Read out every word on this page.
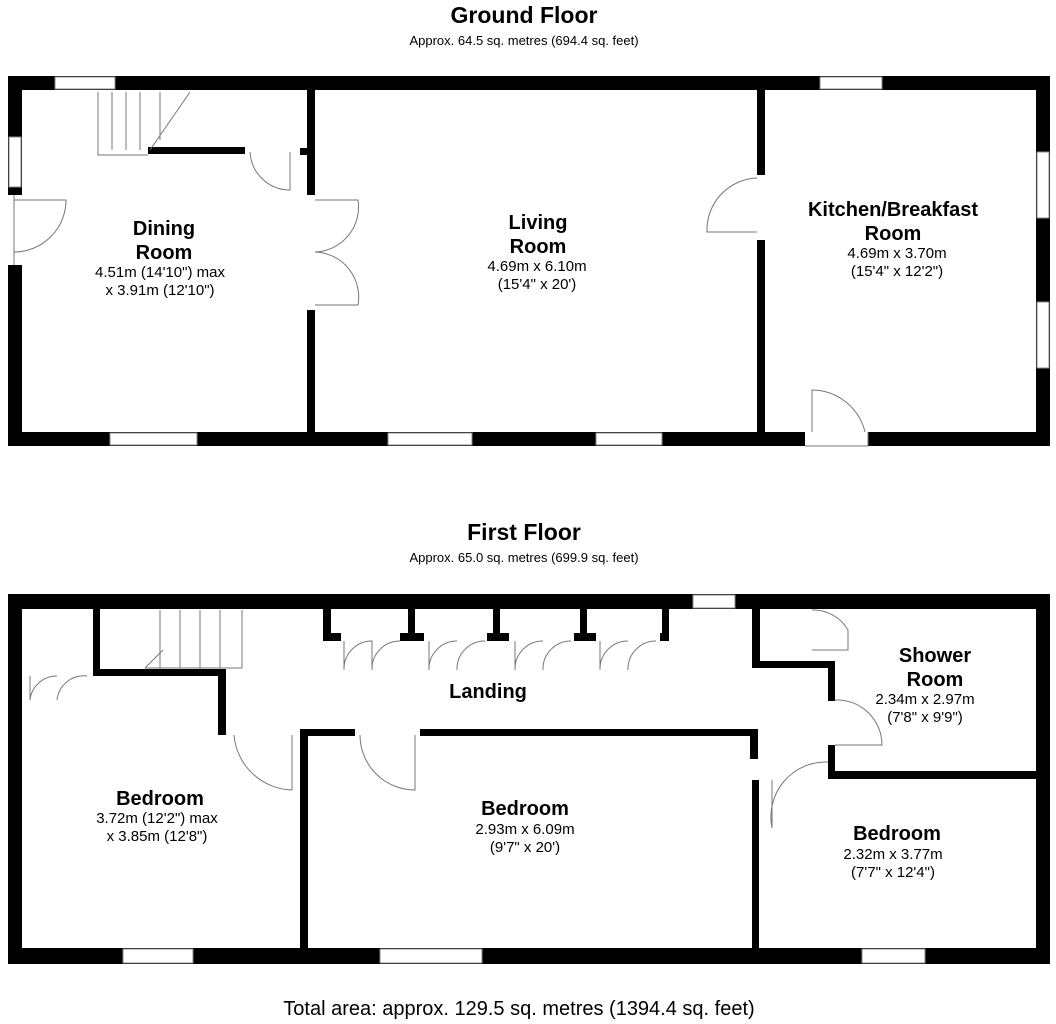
Ground Floor
Approx. 64.5 sq. metres (694.4 sq. feet)
Dining
Room
4.51m (14'10") max
x 3.91m (12'10")
Living
Room
4.69m x 6.10m
(15'4" x 20')
Kitchen/Breakfast
Room
4.69m x 3.70m
(15'4" x 12'2")
First Floor
Approx. 65.0 sq. metres (699.9 sq. feet)
Landing
Shower
Room
2.34m x 2.97m
(7'8" x 9'9")
Bedroom
3.72m (12'2") max
x 3.85m (12'8")
Bedroom
2.93m x 6.09m
(9'7" x 20')
Bedroom
2.32m x 3.77m
(7'7" x 12'4")
Total area: approx. 129.5 sq. metres (1394.4 sq. feet)
